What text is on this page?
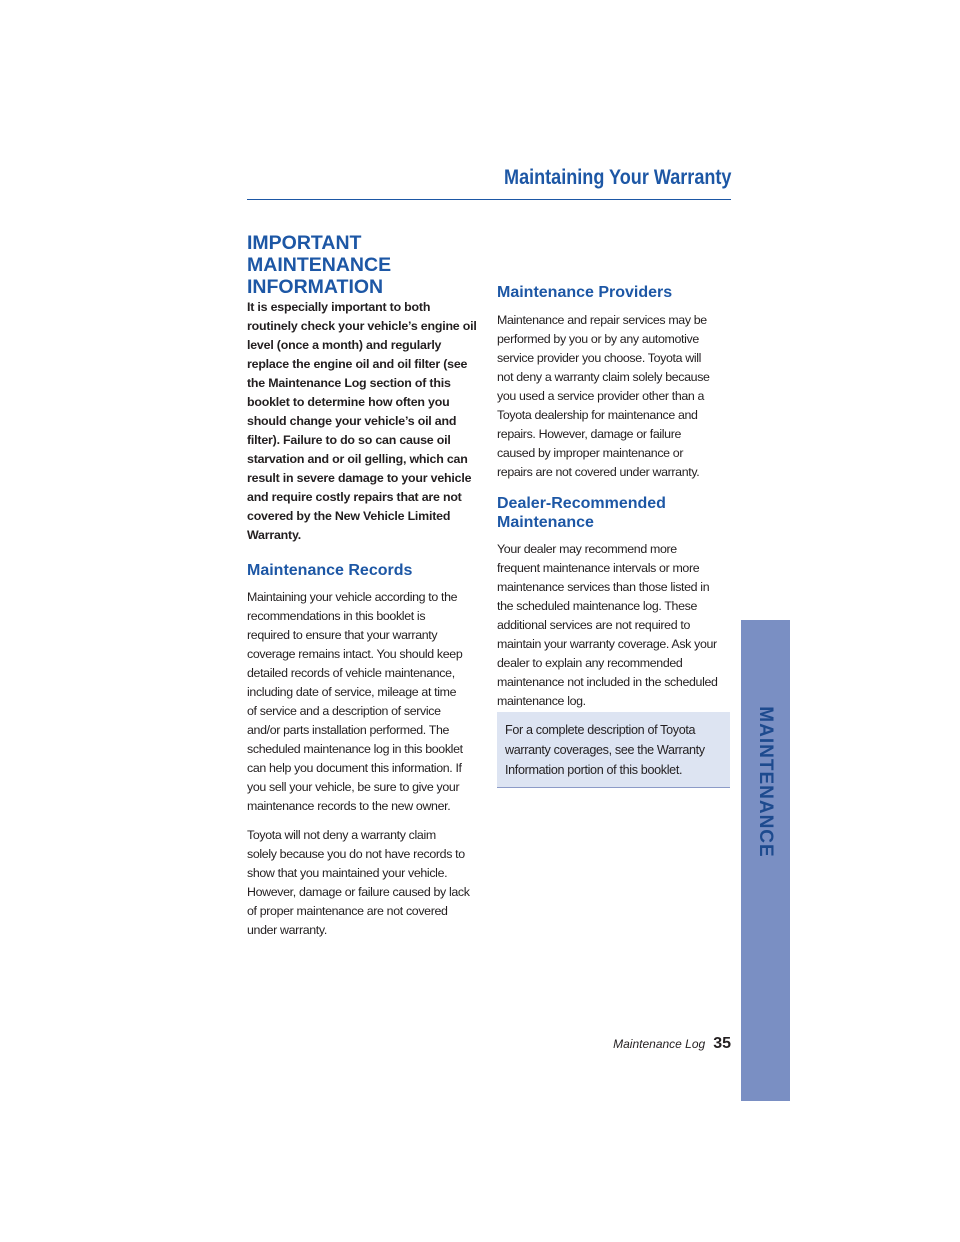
Maintaining Your Warranty
IMPORTANT MAINTENANCE
INFORMATION
It is especially important to both
routinely check your vehicle’s engine oil
level (once a month) and regularly
replace the engine oil and oil filter (see
the Maintenance Log section of this
booklet to determine how often you
should change your vehicle’s oil and
filter). Failure to do so can cause oil
starvation and or oil gelling, which can
result in severe damage to your vehicle
and require costly repairs that are not
covered by the New Vehicle Limited
Warranty.
Maintenance Records
Maintaining your vehicle according to the
recommendations in this booklet is
required to ensure that your warranty
coverage remains intact. You should keep
detailed records of vehicle maintenance,
including date of service, mileage at time
of service and a description of service
and/or parts installation performed. The
scheduled maintenance log in this booklet
can help you document this information. If
you sell your vehicle, be sure to give your
maintenance records to the new owner.
Toyota will not deny a warranty claim
solely because you do not have records to
show that you maintained your vehicle.
However, damage or failure caused by lack
of proper maintenance are not covered
under warranty.
Maintenance Providers
Maintenance and repair services may be
performed by you or by any automotive
service provider you choose. Toyota will
not deny a warranty claim solely because
you used a service provider other than a
Toyota dealership for maintenance and
repairs. However, damage or failure
caused by improper maintenance or
repairs are not covered under warranty.
Dealer-Recommended
Maintenance
Your dealer may recommend more
frequent maintenance intervals or more
maintenance services than those listed in
the scheduled maintenance log. These
additional services are not required to
maintain your warranty coverage. Ask your
dealer to explain any recommended
maintenance not included in the scheduled
maintenance log.
For a complete description of Toyota
warranty coverages, see the Warranty
Information portion of this booklet.	MAINTENANCE
Maintenance Log 35
